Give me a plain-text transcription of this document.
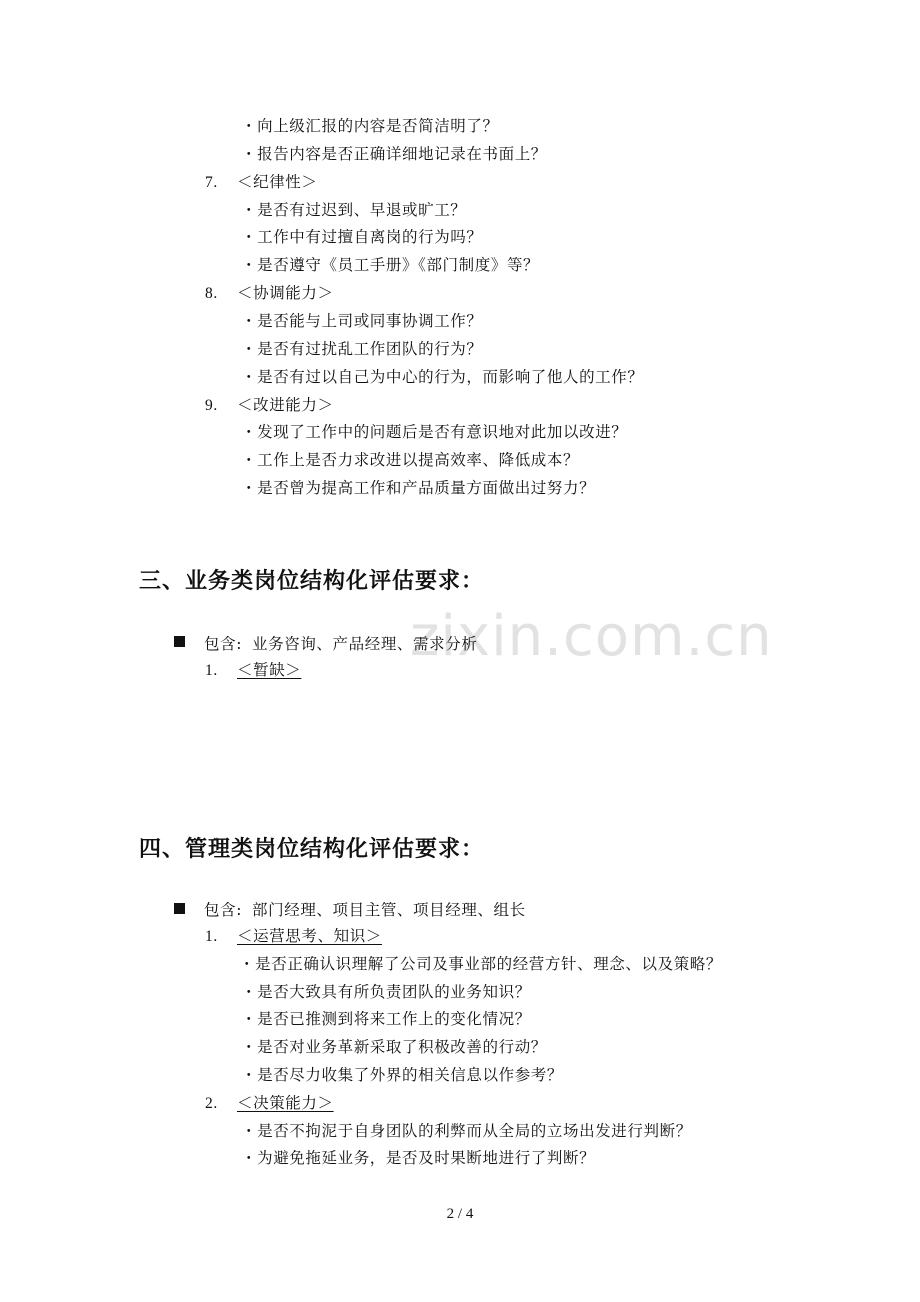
・向上级汇报的内容是否简洁明了？
・报告内容是否正确详细地记录在书面上？
7. ＜纪律性＞
・是否有过迟到、早退或旷工？
・工作中有过擅自离岗的行为吗？
・是否遵守《员工手册》《部门制度》等？
8. ＜协调能力＞
・是否能与上司或同事协调工作？
・是否有过扰乱工作团队的行为？
・是否有过以自己为中心的行为，而影响了他人的工作？
9. ＜改进能力＞
・发现了工作中的问题后是否有意识地对此加以改进？
・工作上是否力求改进以提高效率、降低成本？
・是否曾为提高工作和产品质量方面做出过努力？
三、业务类岗位结构化评估要求：
zixin.com.cn
包含: 业务咨询、产品经理、需求分析
1. ＜暂缺＞
四、管理类岗位结构化评估要求：
包含: 部门经理、项目主管、项目经理、组长
1. ＜运营思考、知识＞
・是否正确认识理解了公司及事业部的经营方针、理念、以及策略？
・是否大致具有所负责团队的业务知识？
・是否已推测到将来工作上的变化情况？
・是否对业务革新采取了积极改善的行动？
・是否尽力收集了外界的相关信息以作参考？
2. ＜决策能力＞
・是否不拘泥于自身团队的利弊而从全局的立场出发进行判断？
・为避免拖延业务，是否及时果断地进行了判断？
2 / 4
